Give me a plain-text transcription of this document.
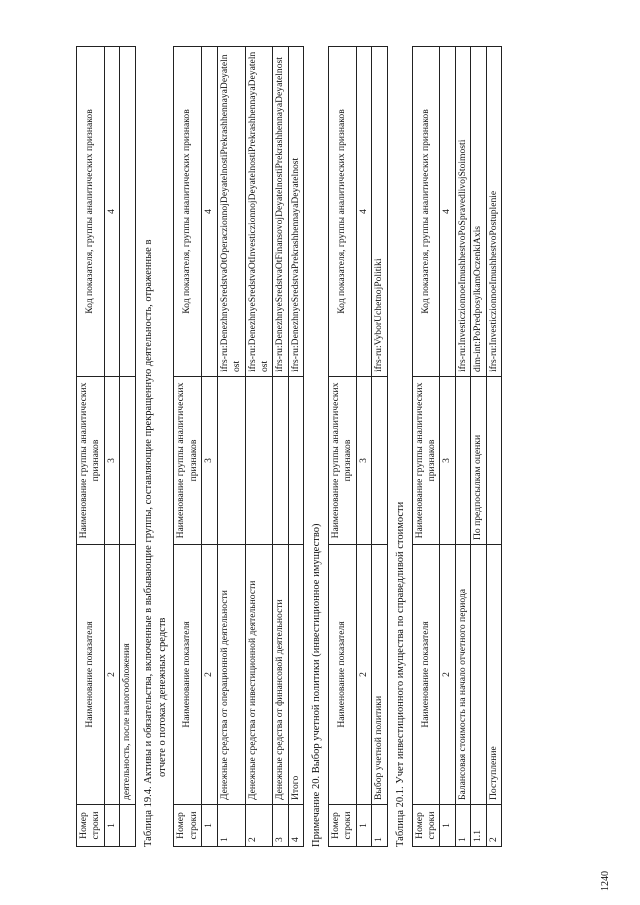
1240
Номер строки	Наименование показателя	Наименование группы аналитических признаков	Код показателя, группы аналитических признаков
1	2	3	4
	деятельность, после налогообложения		Таблица 19.4. Активы и обязательства, включенные в выбывающие группы, составляющие прекращенную деятельность, отраженные в отчете о потоках денежных средств
Номер строки	Наименование показателя	Наименование группы аналитических признаков	Код показателя, группы аналитических признаков
1	2	3	4
1	Денежные средства от операционной деятельности		ifrs-ru:DenezhnyeSredstvaOtOperaczionnojDeyatelnostiPrekrashhennayaDeyatelnost
2	Денежные средства от инвестиционной деятельности		ifrs-ru:DenezhnyeSredstvaOtInvesticzionnojDeyatelnostiPrekrashhennayaDeyatelnost
3	Денежные средства от финансовой деятельности		ifrs-ru:DenezhnyeSredstvaOtFinansovojDeyatelnostiPrekrashhennayaDeyatelnost
4	Итого		ifrs-ru:DenezhnyeSredstvaPrekrashhennayaDeyatelnost
Примечание 20. Выбор учетной политики (инвестиционное имущество) Номер строки	Наименование показателя	Наименование группы аналитических признаков	Код показателя, группы аналитических признаков
1	2	3	4
1	Выбор учетной политики		ifrs-ru:VyborUchetnojPolitiki
Таблица 20.1. Учет инвестиционного имущества по справедливой стоимости Номер строки	Наименование показателя	Наименование группы аналитических признаков	Код показателя, группы аналитических признаков
1	2	3	4
1	Балансовая стоимость на начало отчетного периода		ifrs-ru:InvesticzionnoeImushhestvoPoSpravedlivojStoimosti
1.1		По предпосылкам оценки	dim-int:PoPredposylkamOczenkiAxis
2	Поступление		ifrs-ru:InvesticzionnoeImushhestvoPostuplenie
